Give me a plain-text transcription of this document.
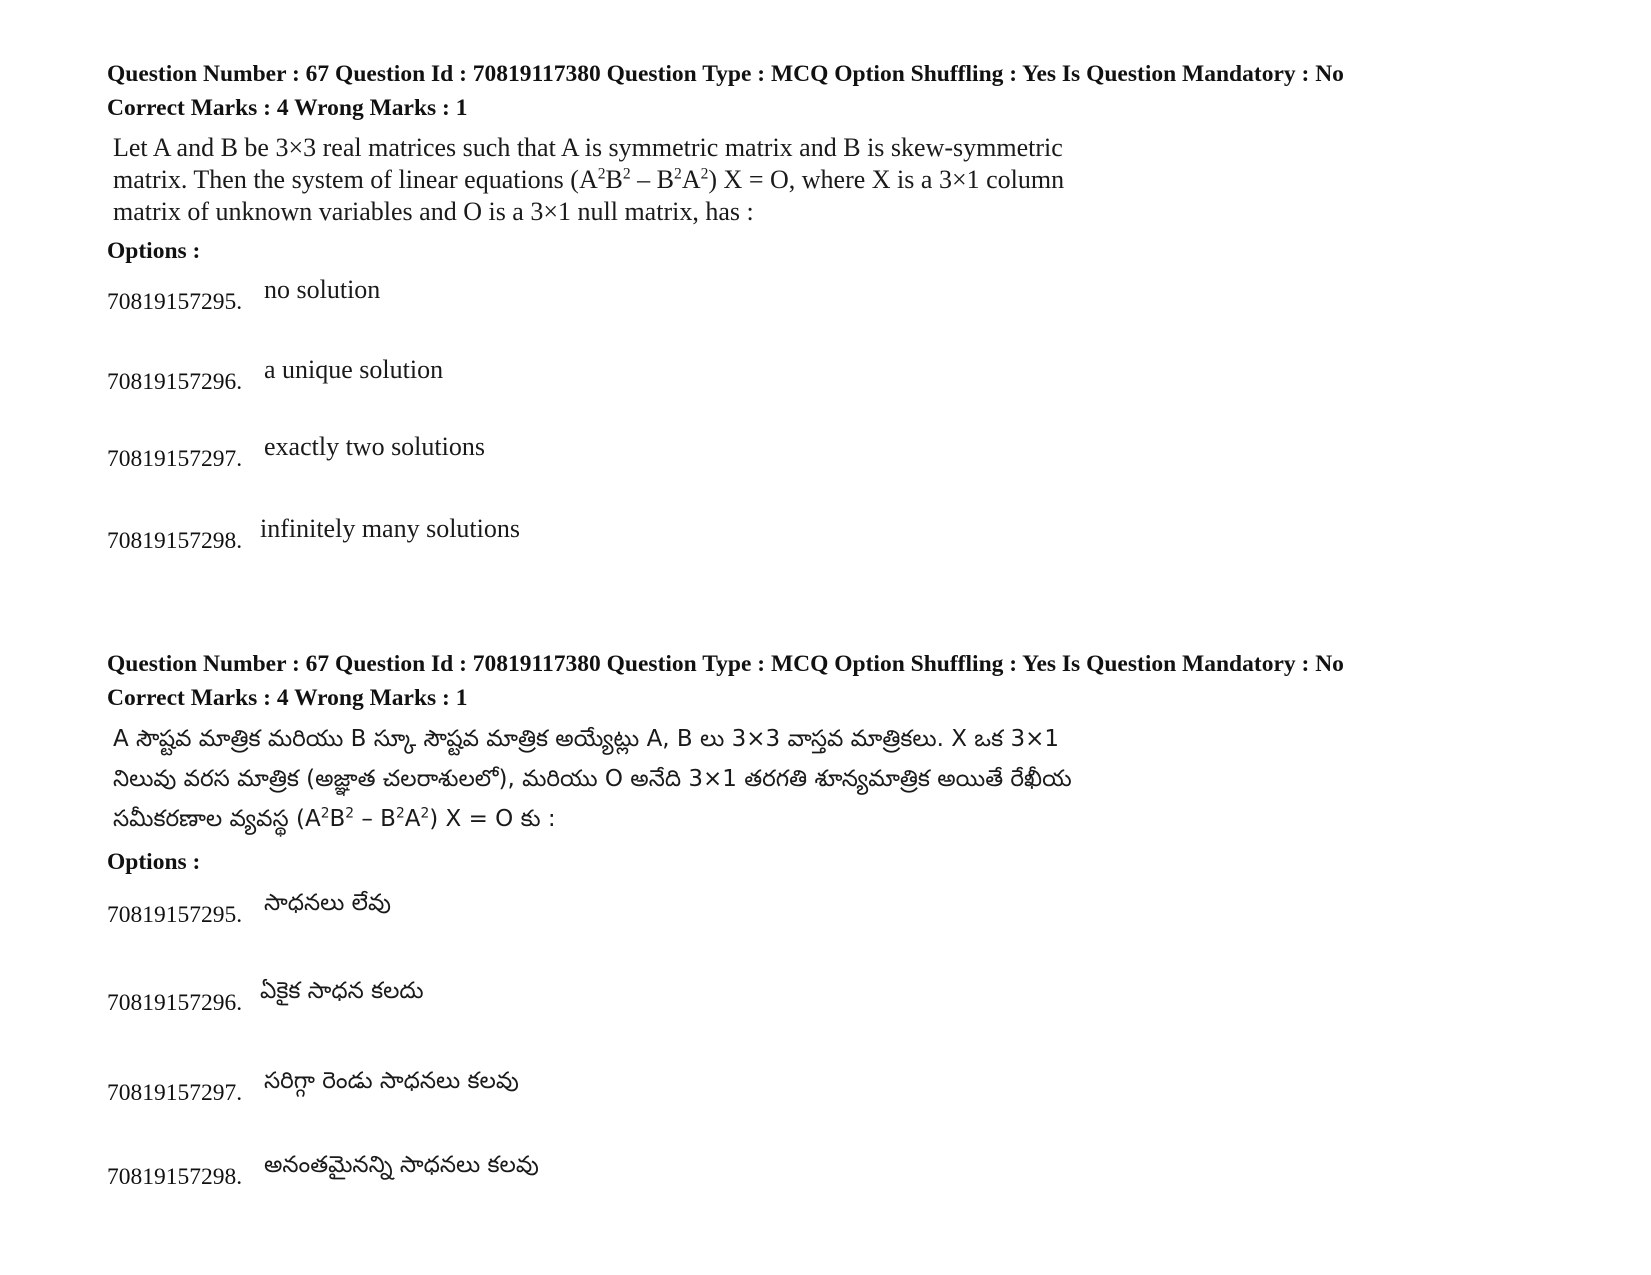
Question Number : 67 Question Id : 70819117380 Question Type : MCQ Option Shuffling : Yes Is Question Mandatory : No

Correct Marks : 4 Wrong Marks : 1

Let A and B be 3×3 real matrices such that A is symmetric matrix and B is skew-symmetric
matrix. Then the system of linear equations $(A^2B^2 - B^2A^2) X = O$, where X is a 3×1 column
matrix of unknown variables and O is a 3×1 null matrix, has :

Options :

70819157295. no solution
70819157296. a unique solution
70819157297. exactly two solutions
70819157298. infinitely many solutions

Question Number : 67 Question Id : 70819117380 Question Type : MCQ Option Shuffling : Yes Is Question Mandatory : No

Correct Marks : 4 Wrong Marks : 1

A సౌష్టవ మాత్రిక మరియు B స్కూ సౌష్టవ మాత్రిక అయ్యేట్లు A, B లు 3×3 వాస్తవ మాత్రికలు. X ఒక 3×1
నిలువు వరస మాత్రిక (అజ్ఞాత చలరాశులలో), మరియు O అనేది 3×1 తరగతి శూన్యమాత్రిక అయితే రేఖీయ
సమీకరణాల వ్యవస్థ $(A^2B^2 - B^2A^2) X = O$ కు :

Options :

70819157295. సాధనలు లేవు
70819157296. ఏకైక సాధన కలదు
70819157297. సరిగ్గా రెండు సాధనలు కలవు
70819157298. అనంతమైనన్ని సాధనలు కలవు
